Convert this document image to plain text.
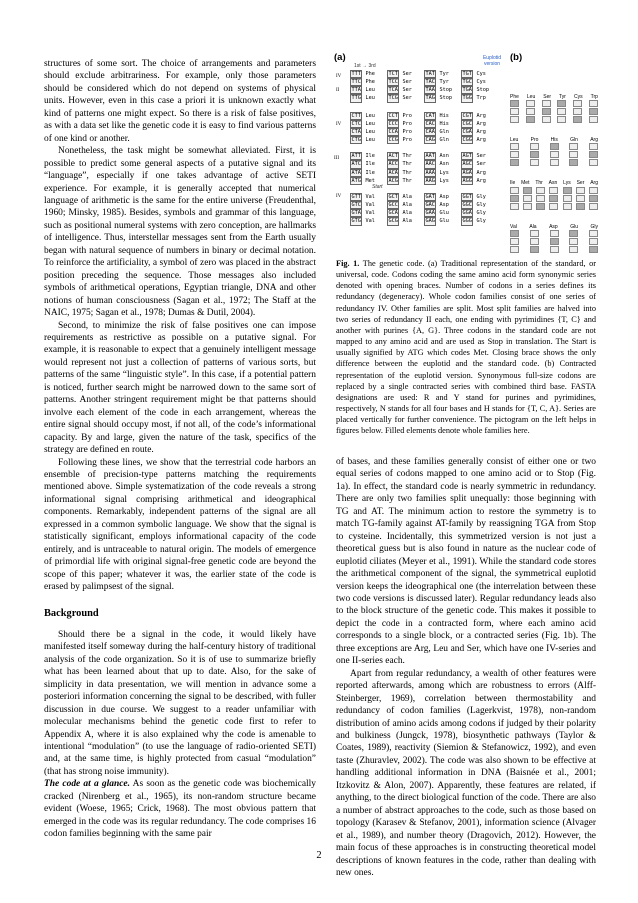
structures of some sort. The choice of arrangements and parameters should exclude arbitrariness. For example, only those parameters should be considered which do not depend on systems of physical units. However, even in this case a priori it is unknown exactly what kind of patterns one might expect. So there is a risk of false positives, as with a data set like the genetic code it is easy to find various patterns of one kind or another.

Nonetheless, the task might be somewhat alleviated. First, it is possible to predict some general aspects of a putative signal and its “language”, especially if one takes advantage of active SETI experience. For example, it is generally accepted that numerical language of arithmetic is the same for the entire universe (Freudenthal, 1960; Minsky, 1985). Besides, symbols and grammar of this language, such as positional numeral systems with zero conception, are hallmarks of intelligence. Thus, interstellar messages sent from the Earth usually began with natural sequence of numbers in binary or decimal notation. To reinforce the artificiality, a symbol of zero was placed in the abstract position preceding the sequence. Those messages also included symbols of arithmetical operations, Egyptian triangle, DNA and other notions of human consciousness (Sagan et al., 1972; The Staff at the NAIC, 1975; Sagan et al., 1978; Dumas & Dutil, 2004).

Second, to minimize the risk of false positives one can impose requirements as restrictive as possible on a putative signal. For example, it is reasonable to expect that a genuinely intelligent message would represent not just a collection of patterns of various sorts, but patterns of the same “linguistic style”. In this case, if a potential pattern is noticed, further search might be narrowed down to the same sort of patterns. Another stringent requirement might be that patterns should involve each element of the code in each arrangement, whereas the entire signal should occupy most, if not all, of the code’s informational capacity. By and large, given the nature of the task, specifics of the strategy are defined en route.

Following these lines, we show that the terrestrial code harbors an ensemble of precision-type patterns matching the requirements mentioned above. Simple systematization of the code reveals a strong informational signal comprising arithmetical and ideographical components. Remarkably, independent patterns of the signal are all expressed in a common symbolic language. We show that the signal is statistically significant, employs informational capacity of the code entirely, and is untraceable to natural origin. The models of emergence of primordial life with original signal-free genetic code are beyond the scope of this paper; whatever it was, the earlier state of the code is erased by palimpsest of the signal.

Background

Should there be a signal in the code, it would likely have manifested itself someway during the half-century history of traditional analysis of the code organization. So it is of use to summarize briefly what has been learned about that up to date. Also, for the sake of simplicity in data presentation, we will mention in advance some a posteriori information concerning the signal to be described, with fuller discussion in due course. We suggest to a reader unfamiliar with molecular mechanisms behind the genetic code first to refer to Appendix A, where it is also explained why the code is amenable to intentional “modulation” (to use the language of radio-oriented SETI) and, at the same time, is highly protected from casual “modulation” (that has strong noise immunity).

The code at a glance. As soon as the genetic code was biochemically cracked (Nirenberg et al., 1965), its non-random structure became evident (Woese, 1965; Crick, 1968). The most obvious pattern that emerged in the code was its regular redundancy. The code comprises 16 codon families beginning with the same pair

(a)	(b)
1st → 3rd
Euplotid version
IV
II
IV
III
IV
TTT Phe	TCT Ser	TAT Tyr	TGT Cys
TTC Phe	TCC Ser	TAC Tyr	TGC Cys
TTA Leu	TCA Ser	TAA Stop	TGA Stop
TTG Leu	TCG Ser	TAG Stop	TGG Trp
CTT Leu	CCT Pro	CAT His	CGT Arg
CTC Leu	CCC Pro	CAC His	CGC Arg
CTA Leu	CCA Pro	CAA Gln	CGA Arg
CTG Leu	CCG Pro	CAG Gln	CGG Arg
ATT Ile	ACT Thr	AAT Asn	AGT Ser
ATC Ile	ACC Thr	AAC Asn	AGC Ser
ATA Ile	ACA Thr	AAA Lys	AGA Arg
ATG Met	ACG Thr	AAG Lys	AGG Arg
GTT Val	GCT Ala	GAT Asp	GGT Gly
GTC Val	GCC Ala	GAC Asp	GGC Gly
GTA Val	GCA Ala	GAA Glu	GGA Gly
GTG Val	GCG Ala	GAG Glu	GGG Gly
Start
Phe Leu Ser Tyr Cys Trp
Leu Pro His Gln Arg
Ile Met Thr Asn Lys Ser Arg
Val	Ala	Asp	Glu	Gly
Fig. 1. The genetic code. (a) Traditional representation of the standard, or universal, code. Codons coding the same amino acid form synonymic series denoted with opening braces. Number of codons in a series defines its redundancy (degeneracy). Whole codon families consist of one series of redundancy IV. Other families are split. Most split families are halved into two series of redundancy II each, one ending with pyrimidines {T, C} and another with purines {A, G}. Three codons in the standard code are not mapped to any amino acid and are used as Stop in translation. The Start is usually signified by ATG which codes Met. Closing brace shows the only difference between the euplotid and the standard code. (b) Contracted representation of the euplotid version. Synonymous full-size codons are replaced by a single contracted series with combined third base. FASTA designations are used: R and Y stand for purines and pyrimidines, respectively, N stands for all four bases and H stands for {T, C, A}. Series are placed vertically for further convenience. The pictogram on the left helps in figures below. Filled elements denote whole families here.

of bases, and these families generally consist of either one or two equal series of codons mapped to one amino acid or to Stop (Fig. 1a). In effect, the standard code is nearly symmetric in redundancy. There are only two families split unequally: those beginning with TG and AT. The minimum action to restore the symmetry is to match TG-family against AT-family by reassigning TGA from Stop to cysteine. Incidentally, this symmetrized version is not just a theoretical guess but is also found in nature as the nuclear code of euplotid ciliates (Meyer et al., 1991). While the standard code stores the arithmetical component of the signal, the symmetrical euplotid version keeps the ideographical one (the interrelation between these two code versions is discussed later). Regular redundancy leads also to the block structure of the genetic code. This makes it possible to depict the code in a contracted form, where each amino acid corresponds to a single block, or a contracted series (Fig. 1b). The three exceptions are Arg, Leu and Ser, which have one IV-series and one II-series each.

Apart from regular redundancy, a wealth of other features were reported afterwards, among which are robustness to errors (Alff-Steinberger, 1969), correlation between thermostability and redundancy of codon families (Lagerkvist, 1978), non-random distribution of amino acids among codons if judged by their polarity and bulkiness (Jungck, 1978), biosynthetic pathways (Taylor & Coates, 1989), reactivity (Siemion & Stefanowicz, 1992), and even taste (Zhuravlev, 2002). The code was also shown to be effective at handling additional information in DNA (Baisnée et al., 2001; Itzkovitz & Alon, 2007). Apparently, these features are related, if anything, to the direct biological function of the code. There are also a number of abstract approaches to the code, such as those based on topology (Karasev & Stefanov, 2001), information science (Alvager et al., 1989), and number theory (Dragovich, 2012). However, the main focus of these approaches is in constructing theoretical model descriptions of known features in the code, rather than dealing with new ones.

2
